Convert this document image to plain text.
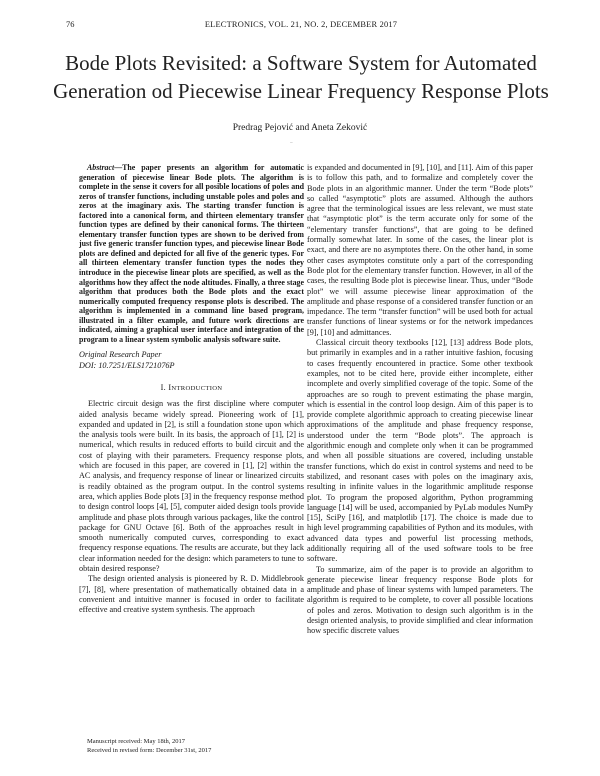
76	ELECTRONICS, VOL. 21, NO. 2, DECEMBER 2017
Bode Plots Revisited: a Software System for Automated Generation od Piecewise Linear Frequency Response Plots
Predrag Pejović and Aneta Zeković
~

Abstract—The paper presents an algorithm for automatic generation of piecewise linear Bode plots. The algorithm is complete in the sense it covers for all posible locations of poles and zeros of transfer functions, including unstable poles and poles and zeros at the imaginary axis. The starting transfer function is factored into a canonical form, and thirteen elementary transfer function types are defined by their canonical forms. The thirteen elementary transfer function types are shown to be derived from just five generic transfer function types, and piecewise linear Bode plots are defined and depicted for all five of the generic types. For all thirteen elementary transfer function types the nodes they introduce in the piecewise linear plots are specified, as well as the algorithms how they affect the node altitudes. Finally, a three stage algorithm that produces both the Bode plots and the exact numerically computed frequency response plots is described. The algorithm is implemented in a command line based program, illustrated in a filter example, and future work directions are indicated, aiming a graphical user interface and integration of the program to a linear system symbolic analysis software suite.

Original Research Paper
DOI: 10.7251/ELS1721076P
I. INTRODUCTION

Electric circuit design was the first discipline where computer aided analysis became widely spread. Pioneering work of [1], expanded and updated in [2], is still a foundation stone upon which the analysis tools were built. In its basis, the approach of [1], [2] is numerical, which results in reduced efforts to build circuit and the cost of playing with their parameters. Frequency response plots, which are focused in this paper, are covered in [1], [2] within the AC analysis, and frequency response of linear or linearized circuits is readily obtained as the program output. In the control systems area, which applies Bode plots [3] in the frequency response method to design control loops [4], [5], computer aided design tools provide amplitude and phase plots through various packages, like the control package for GNU Octave [6]. Both of the approaches result in smooth numerically computed curves, corresponding to exact frequency response equations. The results are accurate, but they lack clear information needed for the design: which parameters to tune to obtain desired response?

The design oriented analysis is pioneered by R. D. Middlebrook [7], [8], where presentation of mathematically obtained data in a convenient and intuitive manner is focused in order to facilitate effective and creative system synthesis. The approach

is expanded and documented in [9], [10], and [11]. Aim of this paper is to follow this path, and to formalize and completely cover the Bode plots in an algorithmic manner. Under the term “Bode plots” so called “asymptotic” plots are assumed. Although the authors agree that the terminological issues are less relevant, we must state that “asymptotic plot” is the term accurate only for some of the “elementary transfer functions”, that are going to be defined formally somewhat later. In some of the cases, the linear plot is exact, and there are no asymptotes there. On the other hand, in some other cases asymptotes constitute only a part of the corresponding Bode plot for the elementary transfer function. However, in all of the cases, the resulting Bode plot is piecewise linear. Thus, under “Bode plot” we will assume piecewise linear approximation of the amplitude and phase response of a considered transfer function or an impedance. The term “transfer function” will be used both for actual transfer functions of linear systems or for the network impedances [9], [10] and admittances.

Classical circuit theory textbooks [12], [13] address Bode plots, but primarily in examples and in a rather intuitive fashion, focusing to cases frequently encountered in practice. Some other textbook examples, not to be cited here, provide either incomplete, either incomplete and overly simplified coverage of the topic. Some of the approaches are so rough to prevent estimating the phase margin, which is essential in the control loop design. Aim of this paper is to provide complete algorithmic approach to creating piecewise linear approximations of the amplitude and phase frequency response, understood under the term “Bode plots”. The approach is algorithmic enough and complete only when it can be programmed and when all possible situations are covered, including unstable transfer functions, which do exist in control systems and need to be stabilized, and resonant cases with poles on the imaginary axis, resulting in infinite values in the logarithmic amplitude response plot. To program the proposed algorithm, Python programming language [14] will be used, accompanied by PyLab modules NumPy [15], SciPy [16], and matplotlib [17]. The choice is made due to high level programming capabilities of Python and its modules, with advanced data types and powerful list processing methods, additionally requiring all of the used software tools to be free software.

To summarize, aim of the paper is to provide an algorithm to generate piecewise linear frequency response Bode plots for amplitude and phase of linear systems with lumped parameters. The algorithm is required to be complete, to cover all possible locations of poles and zeros. Motivation to design such algorithm is in the design oriented analysis, to provide simplified and clear information how specific discrete values

Manuscript received: May 18th, 2017
Received in revised form: December 31st, 2017
